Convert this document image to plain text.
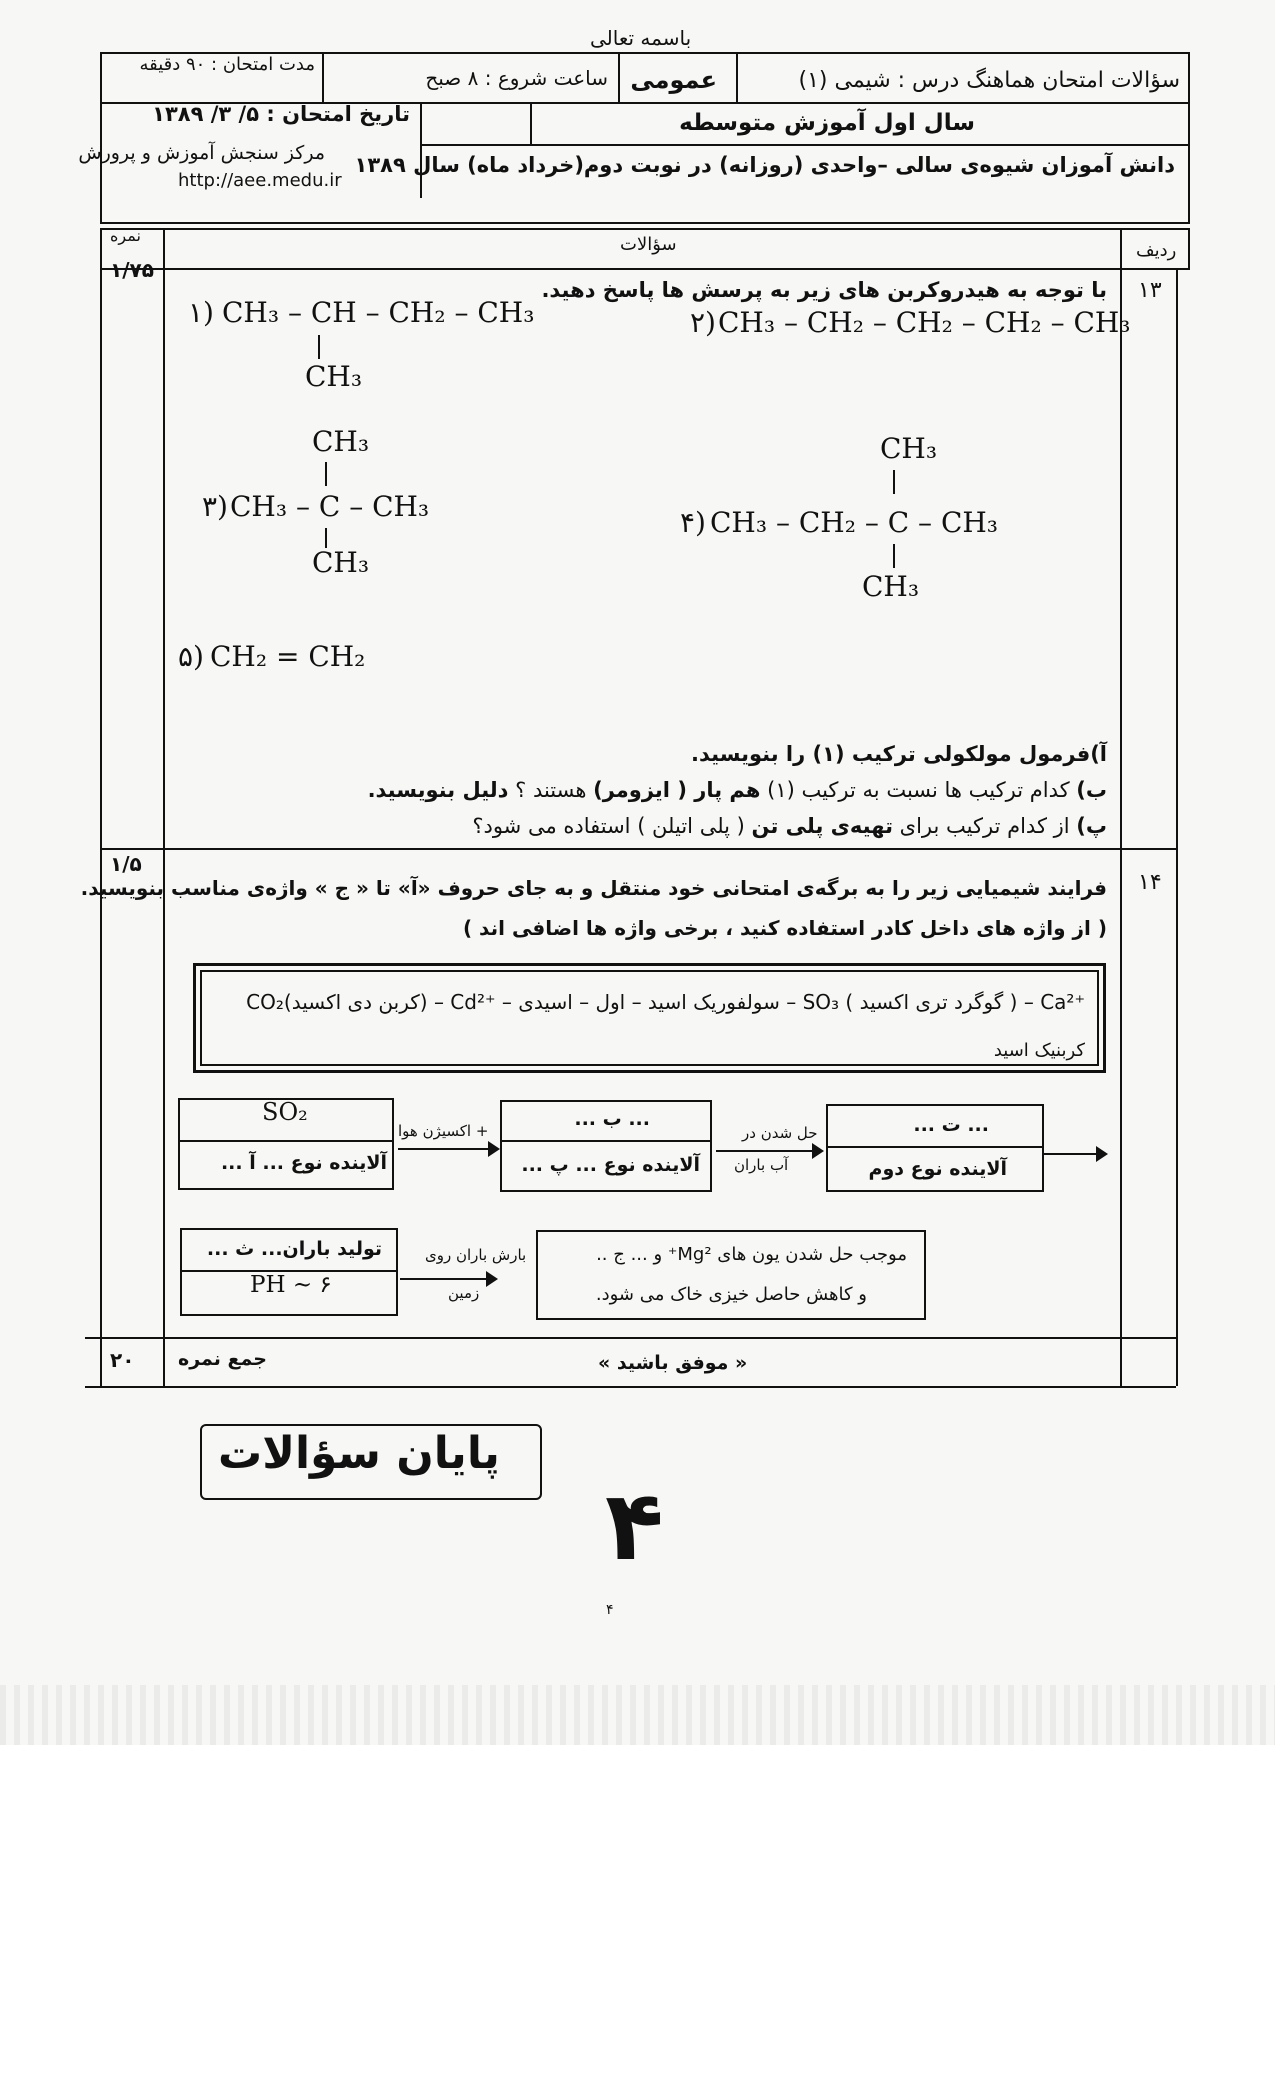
باسمه تعالی
سؤالات امتحان هماهنگ درس : شیمی (۱)
عمومی
ساعت شروع : ۸ صبح
مدت امتحان : ۹۰ دقیقه
سال اول آموزش متوسطه
تاریخ امتحان : ۵/ ۳/ ۱۳۸۹
دانش آموزان شیوه‌ی سالی –واحدی (روزانه) در نوبت دوم(خرداد ماه) سال ۱۳۸۹
مرکز سنجش آموزش و پرورش
http://aee.medu.ir
نمره	سؤالات	ردیف
۱۳
۱/۷۵
با توجه به هیدروکربن های زیر به پرسش ها پاسخ دهید.
۱) CH₃ – CH – CH₂ – CH₃
CH₃
۲) CH₃ – CH₂ – CH₂ – CH₂ – CH₃
CH₃
۳) CH₃ – C – CH₃
CH₃
CH₃
۴) CH₃ – CH₂ – C – CH₃
CH₃
۵) CH₂ = CH₂
آ)فرمول مولکولی ترکیب (۱) را بنویسید.
ب) کدام ترکیب ها نسبت به ترکیب (۱) هم پار ( ایزومر) هستند ؟ دلیل بنویسید.
پ) از کدام ترکیب برای تهیه‌ی پلی تن ( پلی اتیلن ) استفاده می شود؟
۱۴
۱/۵
فرایند شیمیایی زیر را به برگه‌ی امتحانی خود منتقل و به جای حروف «آ» تا « ج » واژه‌ی مناسب بنویسید.
( از واژه های داخل کادر استفاده کنید ، برخی واژه ها اضافی اند )
CO₂(کربن دی اکسید) – Cd²⁺ – سولفوریک اسید – اول – اسیدی – SO₃ ( گوگرد تری اکسید ) – Ca²⁺
کربنیک اسید
SO₂
آلاینده نوع ... آ ...
+ اکسیژن هوا
... ب ...
آلاینده نوع ... پ ...
حل شدن در
آب باران
... ت ...
آلاینده نوع دوم
تولید باران... ث ...
PH ~ ۶
بارش باران روی
زمین
موجب حل شدن یون های Mg²⁺ و ... ج ..
و کاهش حاصل خیزی خاک می شود.
۲۰ جمع نمره	« موفق باشید »
پایان سؤالات
۴
۴
